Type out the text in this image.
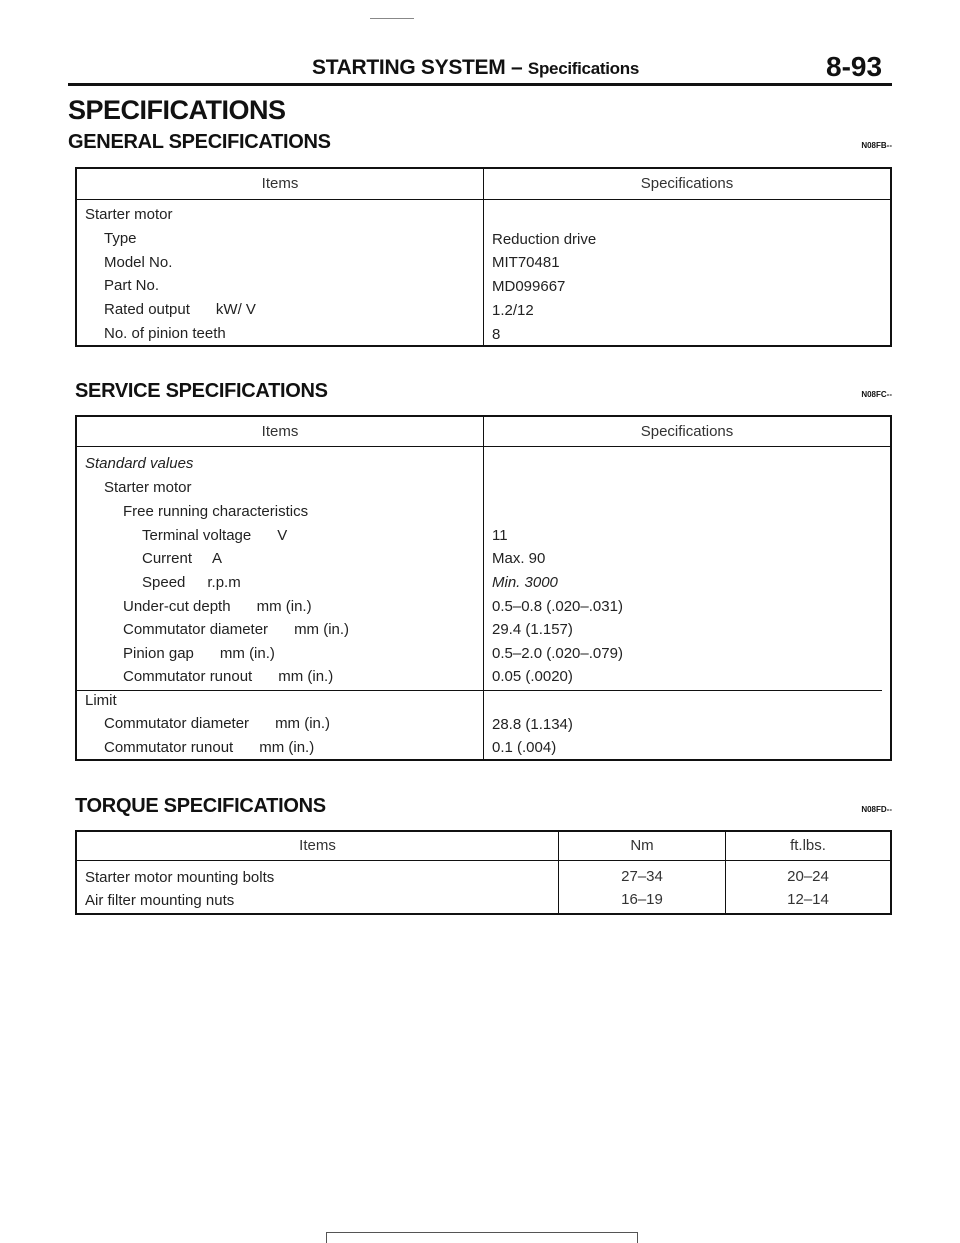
STARTING SYSTEM – Specifications	8-93
SPECIFICATIONS
GENERAL SPECIFICATIONS	N08FB--
Items	Specifications
Starter motor
Type	Reduction drive
Model No.	MIT70481
Part No.	MD099667
Rated output kW/ V	1.2/12
No. of pinion teeth	8
SERVICE SPECIFICATIONS	N08FC--
Items	Specifications
Standard values
Starter motor
Free running characteristics
Terminal voltage V	11
Current A	Max. 90
Speed r.p.m	Min. 3000
Under-cut depth mm (in.)	0.5–0.8 (.020–.031)
Commutator diameter mm (in.)	29.4 (1.157)
Pinion gap mm (in.)	0.5–2.0 (.020–.079)
Commutator runout mm (in.)	0.05 (.0020)
Limit
Commutator diameter mm (in.)	28.8 (1.134)
Commutator runout mm (in.)	0.1 (.004)
TORQUE SPECIFICATIONS	N08FD--
Items	Nm	ft.lbs.
Starter motor mounting bolts	27–34	20–24
Air filter mounting nuts	16–19	12–14
